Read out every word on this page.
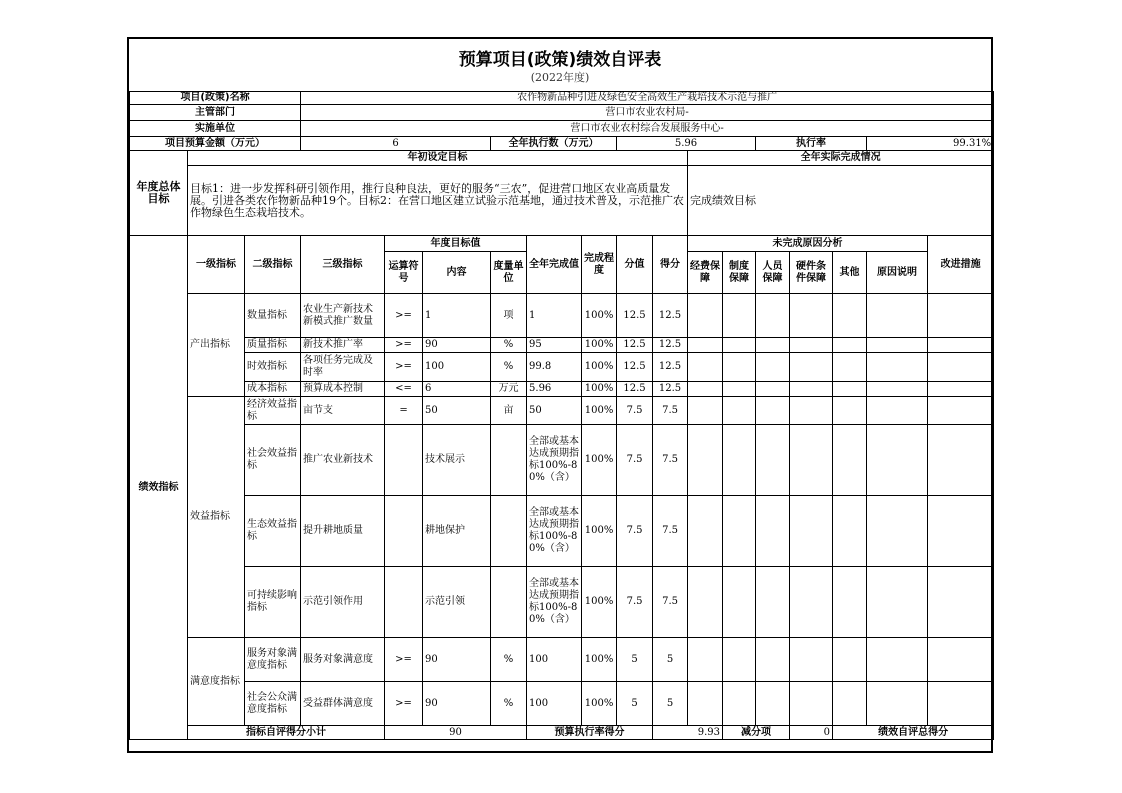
预算项目(政策)绩效自评表
(2022年度)
项目(政策)名称			农作物新品种引进及绿色安全高效生产栽培技术示范与推广															
主管部门			营口市农业农村局-															
实施单位			营口市农业农村综合发展服务中心-															
项目预算金额（万元）			6			全年执行数（万元）			5.96				执行率			99.31%		
年度总体目标	年初设定目标										全年实际完成情况							
	目标1：进一步发挥科研引领作用，推行良种良法，更好的服务“三农”，促进营口地区农业高质量发展。引进各类农作物新品种19个。目标2：在营口地区建立试验示范基地，通过技术普及，示范推广农作物绿色生态栽培技术。										完成绩效目标							
绩效指标	一级指标	二级指标	三级指标	年度目标值			全年完成值	完成程度	分值	得分	未完成原因分析						改进措施	
				运算符号	内容	度量单位					经费保障	制度保障	人员保障	硬件条件保障	其他	原因说明		
	产出指标	数量指标	农业生产新技术新模式推广数量	>=	1	项	1	100%	12.5	12.5								
		质量指标	新技术推广率	>=	90	%	95	100%	12.5	12.5								
		时效指标	各项任务完成及时率	>=	100	%	99.8	100%	12.5	12.5								
		成本指标	预算成本控制	<=	6	万元	5.96	100%	12.5	12.5								
	效益指标	经济效益指标	亩节支	=	50	亩	50	100%	7.5	7.5								
		社会效益指标	推广农业新技术		技术展示		全部或基本达成预期指标100%-80%（含）	100%	7.5	7.5								
		生态效益指标	提升耕地质量		耕地保护		全部或基本达成预期指标100%-80%（含）	100%	7.5	7.5								
		可持续影响指标	示范引领作用		示范引领		全部或基本达成预期指标100%-80%（含）	100%	7.5	7.5								
	满意度指标	服务对象满意度指标	服务对象满意度	>=	90	%	100	100%	5	5								
		社会公众满意度指标	受益群体满意度	>=	90	%	100	100%	5	5								
	指标自评得分小计			90			预算执行率得分			9.93		减分项		0	绩效自评总得分	
